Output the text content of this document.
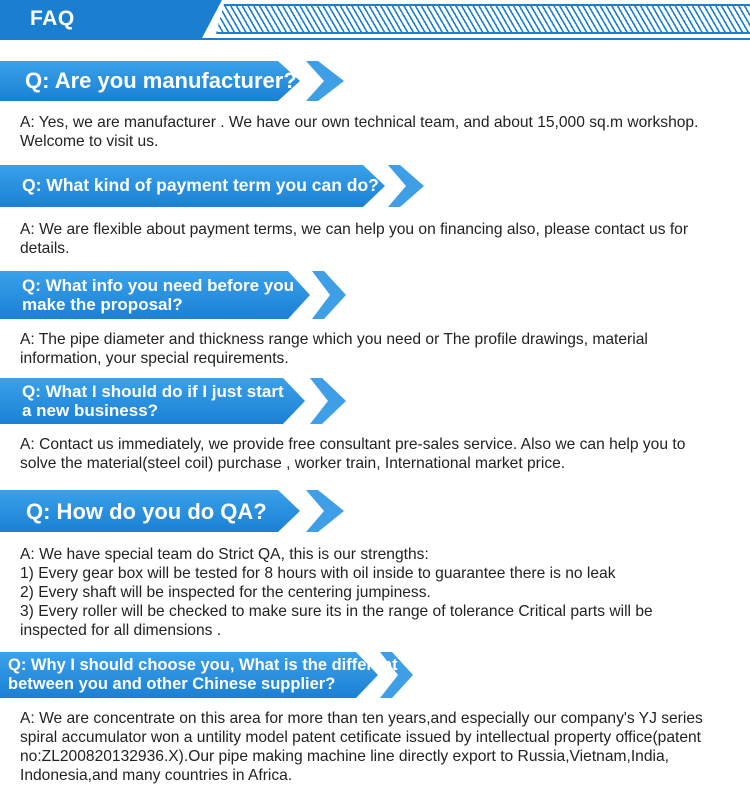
FAQ
Q: Are you manufacturer?
A: Yes, we are manufacturer . We have our own technical team, and about 15,000 sq.m workshop.
Welcome to visit us.
Q: What kind of payment term you can do?
A: We are flexible about payment terms, we can help you on financing also, please contact us for
details.
Q: What info you need before you
make the proposal?
A: The pipe diameter and thickness range which you need or The profile drawings, material
information, your special requirements.
Q: What I should do if I just start
a new business?
A: Contact us immediately, we provide free consultant pre-sales service. Also we can help you to
solve the material(steel coil) purchase , worker train, International market price.
Q: How do you do QA?
A: We have special team do Strict QA, this is our strengths:
1) Every gear box will be tested for 8 hours with oil inside to guarantee there is no leak
2) Every shaft will be inspected for the centering jumpiness.
3) Every roller will be checked to make sure its in the range of tolerance Critical parts will be
inspected for all dimensions .
Q: Why I should choose you, What is the different
between you and other Chinese supplier?
A: We are concentrate on this area for more than ten years,and especially our company's YJ series
spiral accumulator won a untility model patent cetificate issued by intellectual property office(patent
no:ZL200820132936.X).Our pipe making machine line directly export to Russia,Vietnam,India,
Indonesia,and many countries in Africa.
